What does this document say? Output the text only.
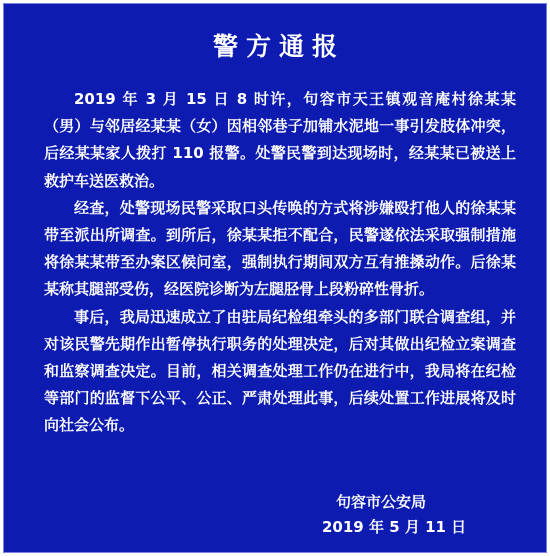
警方通报

2019 年 3 月 15 日 8 时许，句容市天王镇观音庵村徐某某（男）与邻居经某某（女）因相邻巷子加铺水泥地一事引发肢体冲突，后经某某家人拨打 110 报警。处警民警到达现场时，经某某已被送上救护车送医救治。

经查，处警现场民警采取口头传唤的方式将涉嫌殴打他人的徐某某带至派出所调查。到所后，徐某某拒不配合，民警遂依法采取强制措施将徐某某带至办案区候问室，强制执行期间双方互有推搡动作。后徐某某称其腿部受伤，经医院诊断为左腿胫骨上段粉碎性骨折。

事后，我局迅速成立了由驻局纪检组牵头的多部门联合调查组，并对该民警先期作出暂停执行职务的处理决定，后对其做出纪检立案调查和监察调查决定。目前，相关调查处理工作仍在进行中，我局将在纪检等部门的监督下公平、公正、严肃处理此事，后续处置工作进展将及时向社会公布。

句容市公安局
2019 年 5 月 11 日
